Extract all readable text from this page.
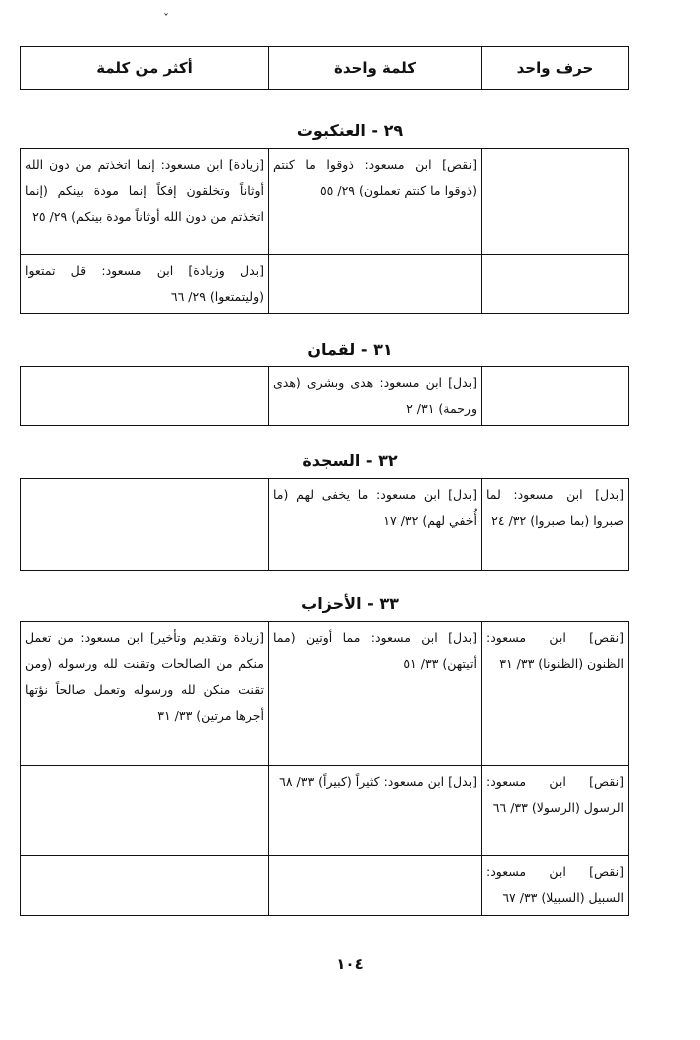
ˇ
حرف واحد	كلمة واحدة	أكثر من كلمة
٢٩ - العنكبوت
	[نقص] ابن مسعود: ذوقوا ما كنتم (ذوقوا ما كنتم تعملون) ٢٩/ ٥٥	[زيادة] ابن مسعود: إنما اتخذتم من دون الله أوثاناً وتخلقون إفكاً إنما مودة بينكم (إنما اتخذتم من دون الله أوثاناً مودة بينكم) ٢٩/ ٢٥
		[بدل وزيادة] ابن مسعود: قل تمتعوا (وليتمتعوا) ٢٩/ ٦٦
٣١ - لقمان
	[بدل] ابن مسعود: هدى وبشرى (هدى ورحمة) ٣١/ ٢	
٣٢ - السجدة
[بدل] ابن مسعود: لما صبروا (بما صبروا) ٣٢/ ٢٤	[بدل] ابن مسعود: ما يخفى لهم (ما أُخفي لهم) ٣٢/ ١٧	
٣٣ - الأحزاب
[نقص] ابن مسعود: الظنون (الظنونا) ٣٣/ ٣١	[بدل] ابن مسعود: مما أوتين (مما أتيتهن) ٣٣/ ٥١	[زيادة وتقديم وتأخير] ابن مسعود: من تعمل منكم من الصالحات وتقنت لله ورسوله (ومن تقنت منكن لله ورسوله وتعمل صالحاً نؤتها أجرها مرتين) ٣٣/ ٣١
[نقص] ابن مسعود: الرسول (الرسولا) ٣٣/ ٦٦	[بدل] ابن مسعود: كثيراً (كبيراً) ٣٣/ ٦٨	
[نقص] ابن مسعود: السبيل (السبيلا) ٣٣/ ٦٧		
١٠٤
